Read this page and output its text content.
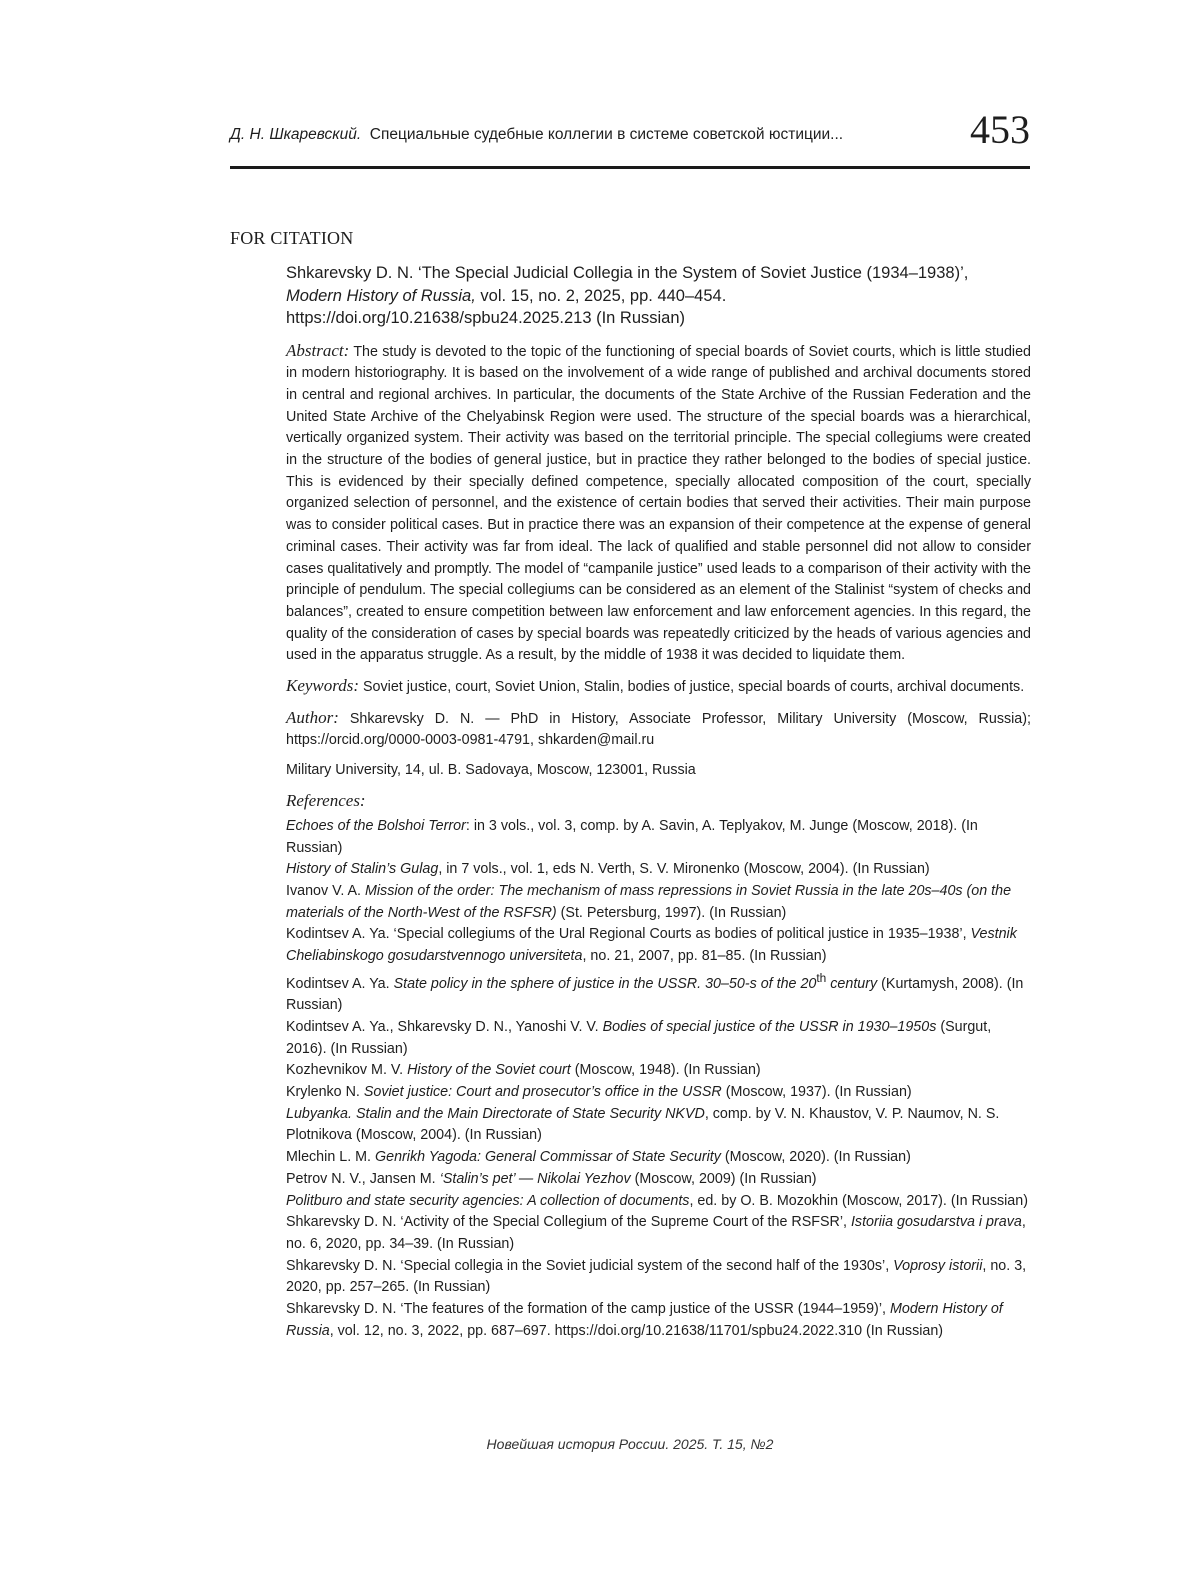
Д. Н. Шкаревский. Специальные судебные коллегии в системе советской юстиции...	453
FOR CITATION

Shkarevsky D. N. ‘The Special Judicial Collegia in the System of Soviet Justice (1934–1938)’,
Modern History of Russia, vol. 15, no. 2, 2025, pp. 440–454.
https://doi.org/10.21638/spbu24.2025.213 (In Russian)

Abstract: The study is devoted to the topic of the functioning of special boards of Soviet courts, which is little studied in modern historiography. It is based on the involvement of a wide range of published and archival documents stored in central and regional archives. In particular, the documents of the State Archive of the Russian Federation and the United State Archive of the Chelyabinsk Region were used. The structure of the special boards was a hierarchical, vertically organized system. Their activity was based on the territorial principle. The special collegiums were created in the structure of the bodies of general justice, but in practice they rather belonged to the bodies of special justice. This is evidenced by their specially defined competence, specially allocated composition of the court, specially organized selection of personnel, and the existence of certain bodies that served their activities. Their main purpose was to consider political cases. But in practice there was an expansion of their competence at the expense of general criminal cases. Their activity was far from ideal. The lack of qualified and stable personnel did not allow to consider cases qualitatively and promptly. The model of “campanile justice” used leads to a comparison of their activity with the principle of pendulum. The special collegiums can be considered as an element of the Stalinist “system of checks and balances”, created to ensure competition between law enforcement and law enforcement agencies. In this regard, the quality of the consideration of cases by special boards was repeatedly criticized by the heads of various agencies and used in the apparatus struggle. As a result, by the middle of 1938 it was decided to liquidate them.

Keywords: Soviet justice, court, Soviet Union, Stalin, bodies of justice, special boards of courts, archival documents.

Author: Shkarevsky D. N. — PhD in History, Associate Professor, Military University (Moscow, Russia); https://orcid.org/0000-0003-0981-4791, shkarden@mail.ru

Military University, 14, ul. B. Sadovaya, Moscow, 123001, Russia

References:

Echoes of the Bolshoi Terror: in 3 vols., vol. 3, comp. by A. Savin, A. Teplyakov, M. Junge (Moscow, 2018). (In Russian)

History of Stalin’s Gulag, in 7 vols., vol. 1, eds N. Verth, S. V. Mironenko (Moscow, 2004). (In Russian)

Ivanov V. A. Mission of the order: The mechanism of mass repressions in Soviet Russia in the late 20s–40s (on the materials of the North-West of the RSFSR) (St. Petersburg, 1997). (In Russian)

Kodintsev A. Ya. ‘Special collegiums of the Ural Regional Courts as bodies of political justice in 1935–1938’, Vestnik Cheliabinskogo gosudarstvennogo universiteta, no. 21, 2007, pp. 81–85. (In Russian)

Kodintsev A. Ya. State policy in the sphere of justice in the USSR. 30–50-s of the 20th century (Kurtamysh, 2008). (In Russian)

Kodintsev A. Ya., Shkarevsky D. N., Yanoshi V. V. Bodies of special justice of the USSR in 1930–1950s (Surgut, 2016). (In Russian)

Kozhevnikov M. V. History of the Soviet court (Moscow, 1948). (In Russian)

Krylenko N. Soviet justice: Court and prosecutor’s office in the USSR (Moscow, 1937). (In Russian)

Lubyanka. Stalin and the Main Directorate of State Security NKVD, comp. by V. N. Khaustov, V. P. Naumov, N. S. Plotnikova (Moscow, 2004). (In Russian)

Mlechin L. M. Genrikh Yagoda: General Commissar of State Security (Moscow, 2020). (In Russian)

Petrov N. V., Jansen M. ‘Stalin’s pet’ — Nikolai Yezhov (Moscow, 2009) (In Russian)

Politburo and state security agencies: A collection of documents, ed. by O. B. Mozokhin (Moscow, 2017). (In Russian)

Shkarevsky D. N. ‘Activity of the Special Collegium of the Supreme Court of the RSFSR’, Istoriia gosudarstva i prava, no. 6, 2020, pp. 34–39. (In Russian)

Shkarevsky D. N. ‘Special collegia in the Soviet judicial system of the second half of the 1930s’, Voprosy istorii, no. 3, 2020, pp. 257–265. (In Russian)

Shkarevsky D. N. ‘The features of the formation of the camp justice of the USSR (1944–1959)’, Modern History of Russia, vol. 12, no. 3, 2022, pp. 687–697. https://doi.org/10.21638/11701/spbu24.2022.310 (In Russian)

Новейшая история России. 2025. Т. 15, №2
